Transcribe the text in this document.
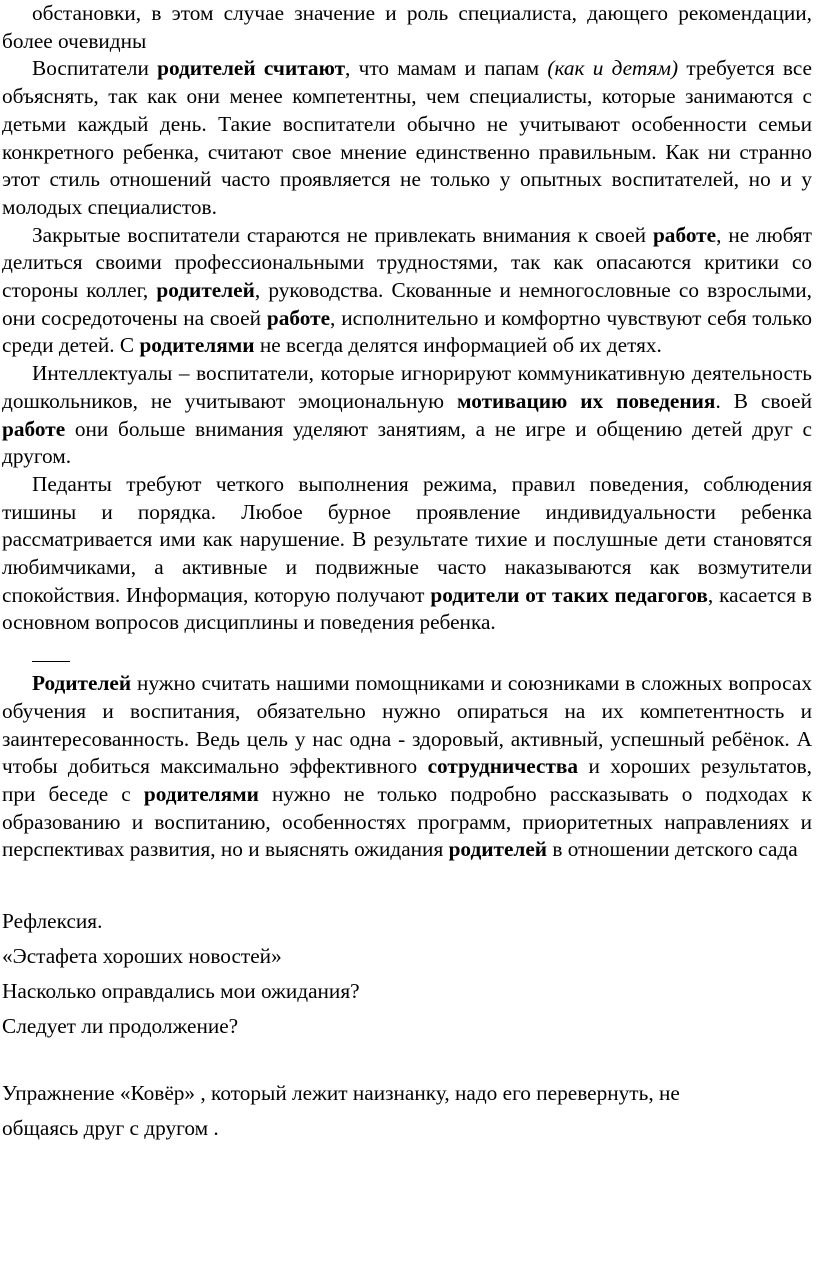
обстановки, в этом случае значение и роль специалиста, дающего рекомендации, более очевидны

Воспитатели родителей считают, что мамам и папам (как и детям) требуется все объяснять, так как они менее компетентны, чем специалисты, которые занимаются с детьми каждый день. Такие воспитатели обычно не учитывают особенности семьи конкретного ребенка, считают свое мнение единственно правильным. Как ни странно этот стиль отношений часто проявляется не только у опытных воспитателей, но и у молодых специалистов.

Закрытые воспитатели стараются не привлекать внимания к своей работе, не любят делиться своими профессиональными трудностями, так как опасаются критики со стороны коллег, родителей, руководства. Скованные и немногословные со взрослыми, они сосредоточены на своей работе, исполнительно и комфортно чувствуют себя только среди детей. С родителями не всегда делятся информацией об их детях.

Интеллектуалы – воспитатели, которые игнорируют коммуникативную деятельность дошкольников, не учитывают эмоциональную мотивацию их поведения. В своей работе они больше внимания уделяют занятиям, а не игре и общению детей друг с другом.

Педанты требуют четкого выполнения режима, правил поведения, соблюдения тишины и порядка. Любое бурное проявление индивидуальности ребенка рассматривается ими как нарушение. В результате тихие и послушные дети становятся любимчиками, а активные и подвижные часто наказываются как возмутители спокойствия. Информация, которую получают родители от таких педагогов, касается в основном вопросов дисциплины и поведения ребенка.

Родителей нужно считать нашими помощниками и союзниками в сложных вопросах обучения и воспитания, обязательно нужно опираться на их компетентность и заинтересованность. Ведь цель у нас одна - здоровый, активный, успешный ребёнок. А чтобы добиться максимально эффективного сотрудничества и хороших результатов, при беседе с родителями нужно не только подробно рассказывать о подходах к образованию и воспитанию, особенностях программ, приоритетных направлениях и перспективах развития, но и выяснять ожидания родителей в отношении детского сада

Рефлексия.
«Эстафета хороших новостей»
Насколько оправдались мои ожидания?
Следует ли продолжение?
Упражнение «Ковёр» , который лежит наизнанку, надо его перевернуть, не
общаясь друг с другом .
